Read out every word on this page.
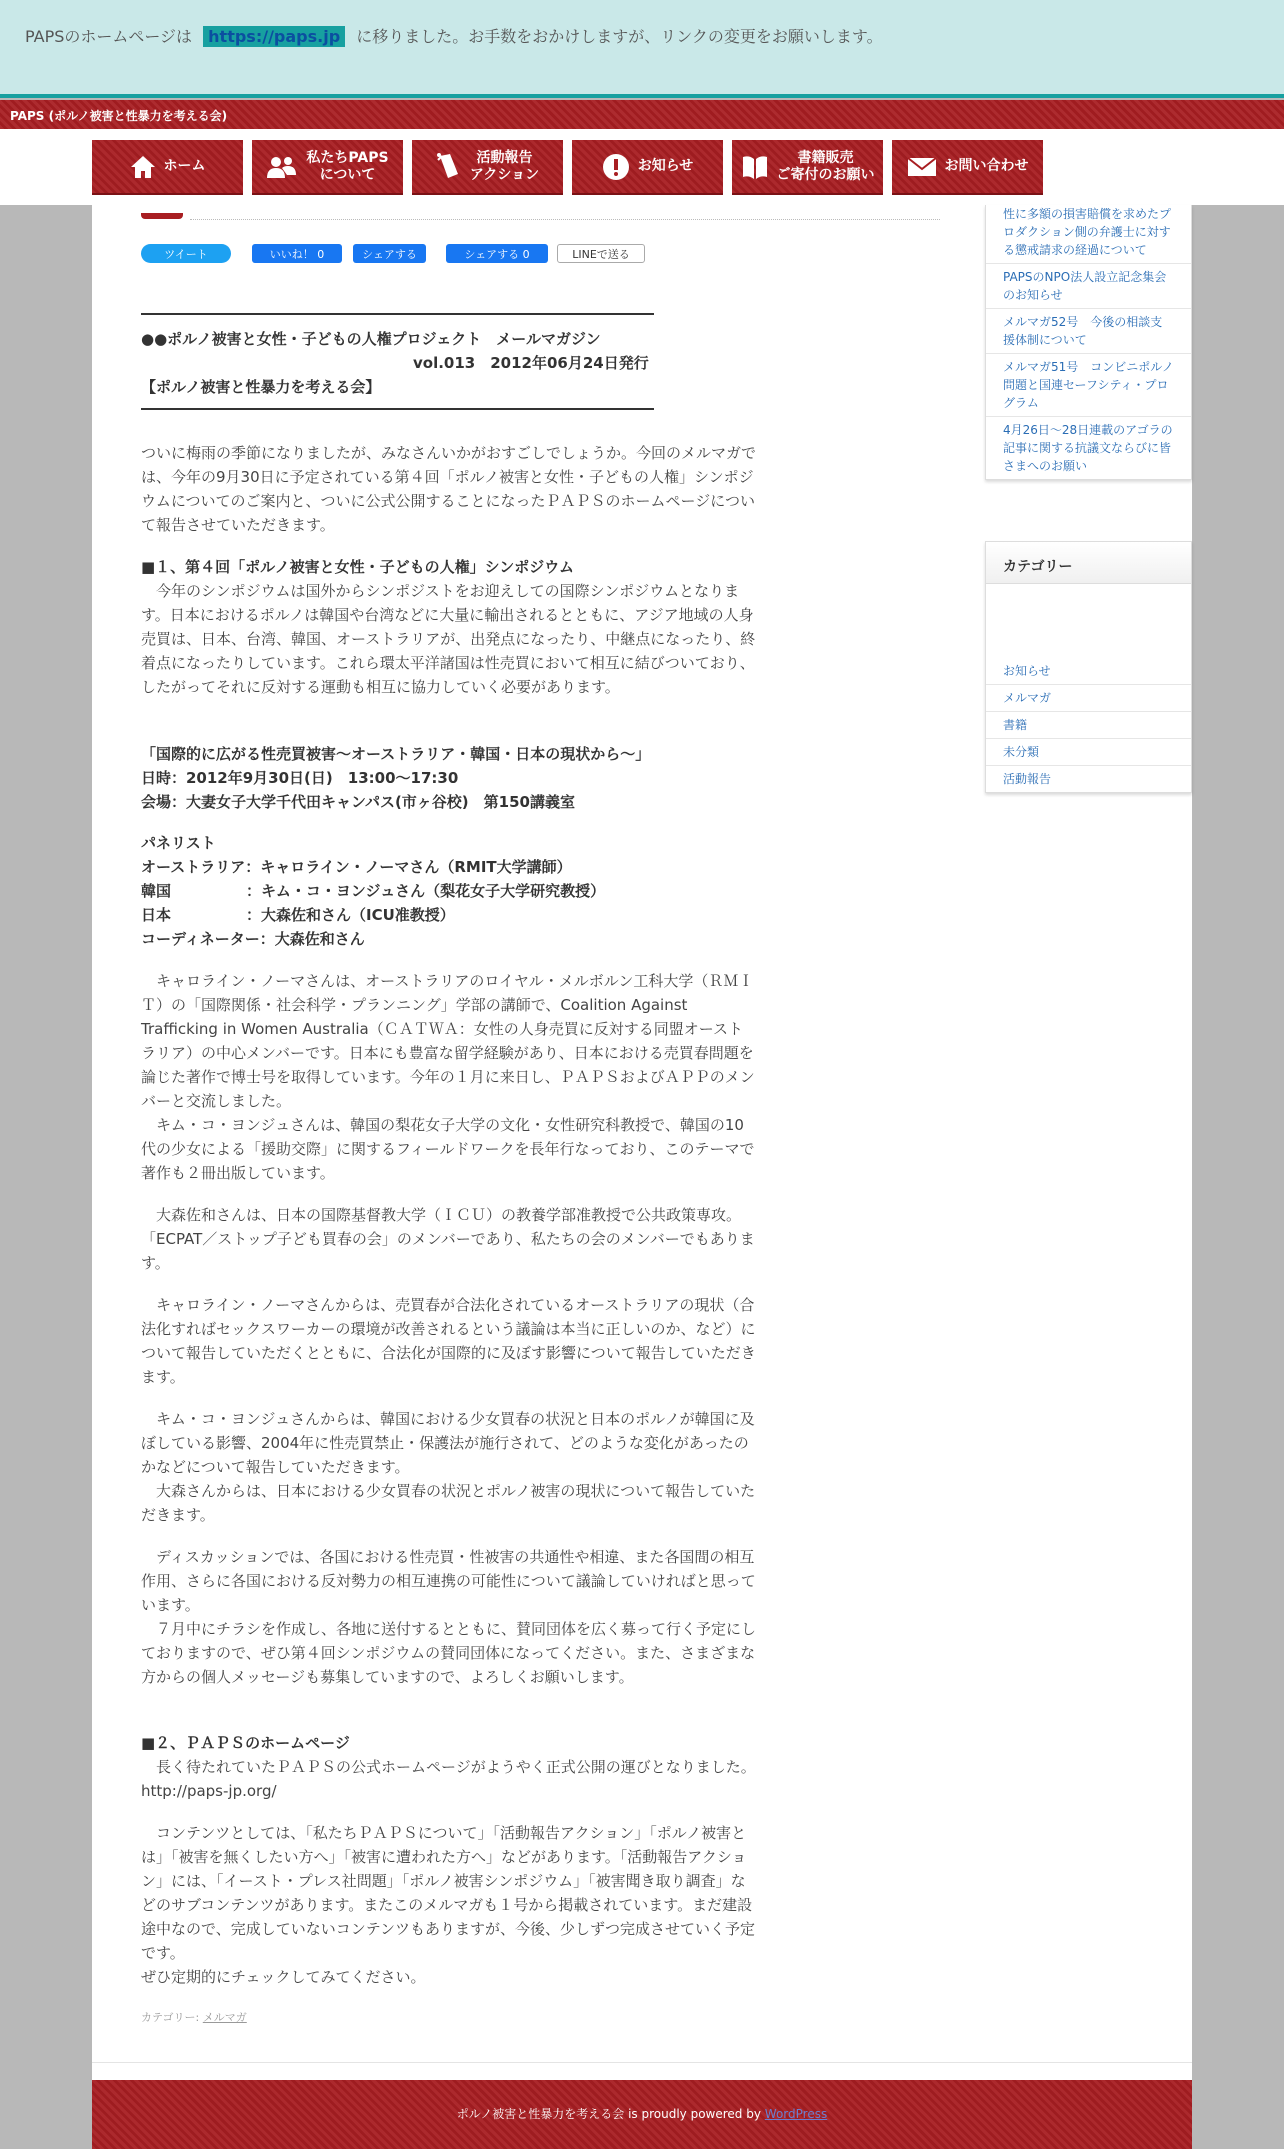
PAPSのホームページは https://paps.jp に移りました。お手数をおかけしますが、リンクの変更をお願いします。
PAPS (ポルノ被害と性暴力を考える会)
ホーム
私たちPAPS
について
活動報告
アクション
お知らせ
書籍販売
ご寄付のお願い
お問い合わせ
ツイート	いいね！ 0	シェアする	シェアする 0	LINEで送る

●●ポルノ被害と女性・子どもの人権プロジェクト　メールマガジン

vol.013　2012年06月24日発行

【ポルノ被害と性暴力を考える会】

ついに梅雨の季節になりましたが、みなさんいかがおすごしでしょうか。今回のメルマガでは、今年の9月30日に予定されている第４回「ポルノ被害と女性・子どもの人権」シンポジウムについてのご案内と、ついに公式公開することになったＰＡＰＳのホームページについて報告させていただきます。

■１、第４回「ポルノ被害と女性・子どもの人権」シンポジウム

　今年のシンポジウムは国外からシンポジストをお迎えしての国際シンポジウムとなります。日本におけるポルノは韓国や台湾などに大量に輸出されるとともに、アジア地域の人身売買は、日本、台湾、韓国、オーストラリアが、出発点になったり、中継点になったり、終着点になったりしています。これら環太平洋諸国は性売買において相互に結びついており、したがってそれに反対する運動も相互に協力していく必要があります。

「国際的に広がる性売買被害～オーストラリア・韓国・日本の現状から～」

日時：2012年9月30日(日)　13:00～17:30

会場：大妻女子大学千代田キャンパス(市ヶ谷校)　第150講義室

パネリスト

オーストラリア：キャロライン・ノーマさん（RMIT大学講師）

韓国　　　　　：キム・コ・ヨンジュさん（梨花女子大学研究教授）

日本　　　　　：大森佐和さん（ICU准教授）

コーディネーター：大森佐和さん

　キャロライン・ノーマさんは、オーストラリアのロイヤル・メルボルン工科大学（ＲＭＩＴ）の「国際関係・社会科学・プランニング」学部の講師で、Coalition Against Trafficking in Women Australia（ＣＡＴＷＡ：女性の人身売買に反対する同盟オーストラリア）の中心メンバーです。日本にも豊富な留学経験があり、日本における売買春問題を論じた著作で博士号を取得しています。今年の１月に来日し、ＰＡＰＳおよびＡＰＰのメンバーと交流しました。

　キム・コ・ヨンジュさんは、韓国の梨花女子大学の文化・女性研究科教授で、韓国の10代の少女による「援助交際」に関するフィールドワークを長年行なっており、このテーマで著作も２冊出版しています。

　大森佐和さんは、日本の国際基督教大学（ＩＣＵ）の教養学部准教授で公共政策専攻。「ECPAT／ストップ子ども買春の会」のメンバーであり、私たちの会のメンバーでもあります。

　キャロライン・ノーマさんからは、売買春が合法化されているオーストラリアの現状（合法化すればセックスワーカーの環境が改善されるという議論は本当に正しいのか、など）について報告していただくとともに、合法化が国際的に及ぼす影響について報告していただきます。

　キム・コ・ヨンジュさんからは、韓国における少女買春の状況と日本のポルノが韓国に及ぼしている影響、2004年に性売買禁止・保護法が施行されて、どのような変化があったのかなどについて報告していただきます。

　大森さんからは、日本における少女買春の状況とポルノ被害の現状について報告していただきます。

　ディスカッションでは、各国における性売買・性被害の共通性や相違、また各国間の相互作用、さらに各国における反対勢力の相互連携の可能性について議論していければと思っています。

　７月中にチラシを作成し、各地に送付するとともに、賛同団体を広く募って行く予定にしておりますので、ぜひ第４回シンポジウムの賛同団体になってください。また、さまざまな方からの個人メッセージも募集していますので、よろしくお願いします。

■２、ＰＡＰＳのホームページ

　長く待たれていたＰＡＰＳの公式ホームページがようやく正式公開の運びとなりました。http://paps-jp.org/

　コンテンツとしては、「私たちＰＡＰＳについて」「活動報告アクション」「ポルノ被害とは」「被害を無くしたい方へ」「被害に遭われた方へ」などがあります。「活動報告アクション」には、「イースト・プレス社問題」「ポルノ被害シンポジウム」「被害聞き取り調査」などのサブコンテンツがあります。またこのメルマガも１号から掲載されています。まだ建設途中なので、完成していないコンテンツもありますが、今後、少しずつ完成させていく予定です。

ぜひ定期的にチェックしてみてください。

カテゴリー: メルマガ
性に多額の損害賠償を求めたプロダクション側の弁護士に対する懲戒請求の経過について
PAPSのNPO法人設立記念集会のお知らせ
メルマガ52号　今後の相談支援体制について
メルマガ51号　コンビニポルノ問題と国連セーフシティ・プログラム
4月26日〜28日連載のアゴラの記事に関する抗議文ならびに皆さまへのお願い
カテゴリー
お知らせ
メルマガ
書籍
未分類
活動報告
ポルノ被害と性暴力を考える会 is proudly powered by WordPress
